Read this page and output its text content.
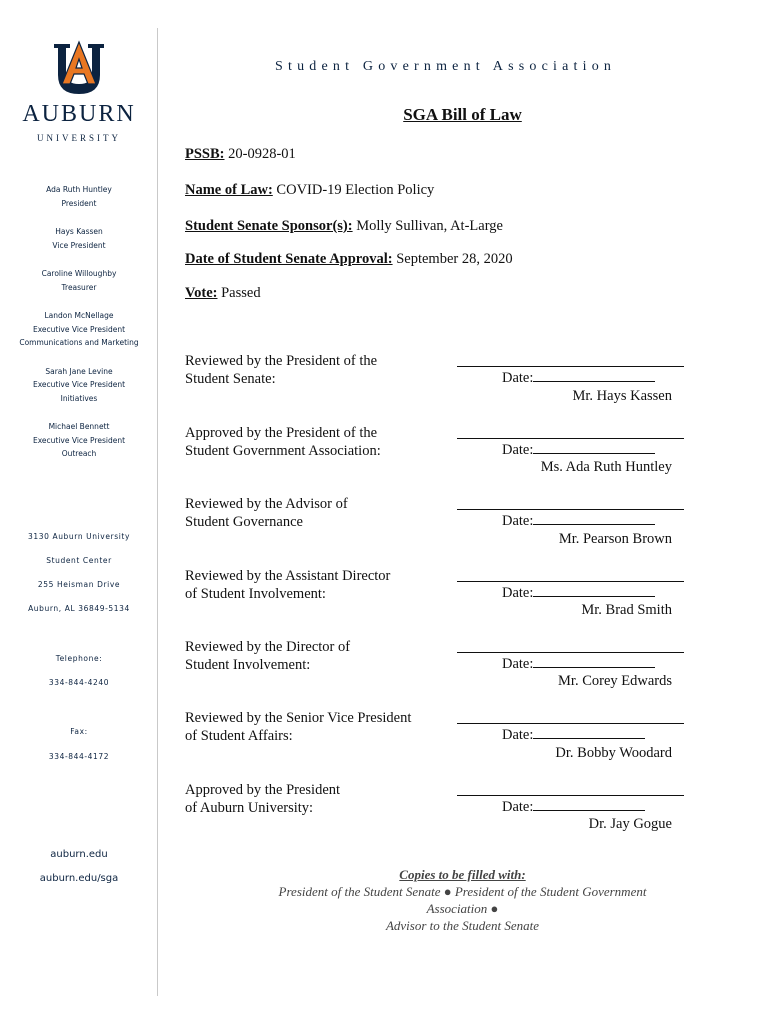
AUBURN
UNIVERSITY
Ada Ruth Huntley
President
Hays Kassen
Vice President
Caroline Willoughby
Treasurer
Landon McNellage
Executive Vice President
Communications and Marketing
Sarah Jane Levine
Executive Vice President
Initiatives
Michael Bennett
Executive Vice President
Outreach
3130 Auburn University
Student Center
255 Heisman Drive
Auburn, AL 36849-5134
Telephone:
334-844-4240
Fax:
334-844-4172
auburn.edu
auburn.edu/sga
Student Government Association
SGA Bill of Law
PSSB: 20-0928-01
Name of Law: COVID-19 Election Policy
Student Senate Sponsor(s): Molly Sullivan, At-Large
Date of Student Senate Approval: September 28, 2020
Vote: Passed
Reviewed by the President of the
Student Senate:	Date:
Mr. Hays Kassen
Approved by the President of the
Student Government Association:	Date:
Ms. Ada Ruth Huntley
Reviewed by the Advisor of
Student Governance	Date:
Mr. Pearson Brown
Reviewed by the Assistant Director
of Student Involvement:	Date:
Mr. Brad Smith
Reviewed by the Director of
Student Involvement:	Date:
Mr. Corey Edwards
Reviewed by the Senior Vice President
of Student Affairs:	Date:
Dr. Bobby Woodard
Approved by the President
of Auburn University:	Date:
Dr. Jay Gogue
Copies to be filled with:
President of the Student Senate ● President of the Student Government
Association ●
Advisor to the Student Senate
